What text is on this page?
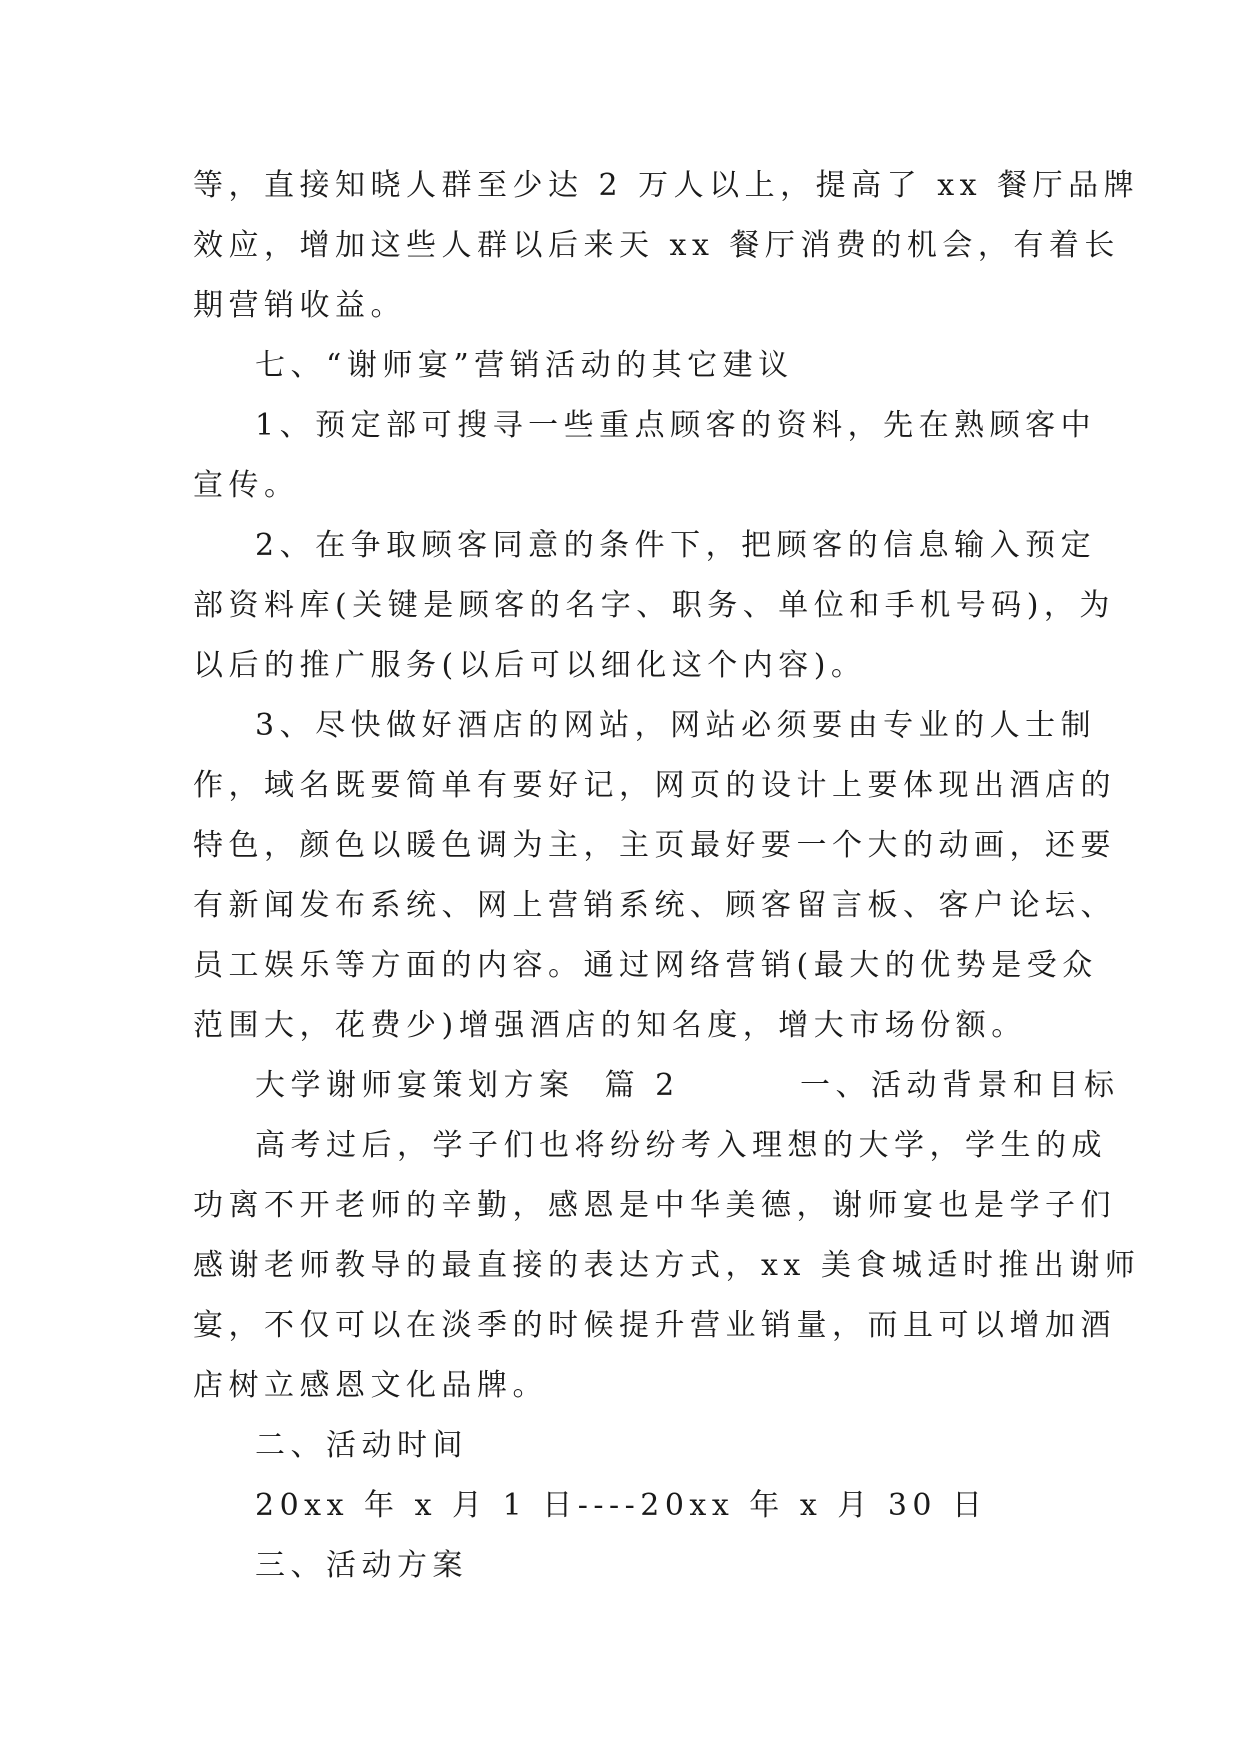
等，直接知晓人群至少达 2 万人以上，提高了 xx 餐厅品牌
效应，增加这些人群以后来天 xx 餐厅消费的机会，有着长
期营销收益。
七、“谢师宴”营销活动的其它建议
1、预定部可搜寻一些重点顾客的资料，先在熟顾客中
宣传。
2、在争取顾客同意的条件下，把顾客的信息输入预定
部资料库(关键是顾客的名字、职务、单位和手机号码)，为
以后的推广服务(以后可以细化这个内容)。
3、尽快做好酒店的网站，网站必须要由专业的人士制
作，域名既要简单有要好记，网页的设计上要体现出酒店的
特色，颜色以暖色调为主，主页最好要一个大的动画，还要
有新闻发布系统、网上营销系统、顾客留言板、客户论坛、
员工娱乐等方面的内容。通过网络营销(最大的优势是受众
范围大，花费少)增强酒店的知名度，增大市场份额。
大学谢师宴策划方案  篇 2        一、活动背景和目标
高考过后，学子们也将纷纷考入理想的大学，学生的成
功离不开老师的辛勤，感恩是中华美德，谢师宴也是学子们
感谢老师教导的最直接的表达方式，xx 美食城适时推出谢师
宴，不仅可以在淡季的时候提升营业销量，而且可以增加酒
店树立感恩文化品牌。
二、活动时间
20xx 年 x 月 1 日----20xx 年 x 月 30 日
三、活动方案
